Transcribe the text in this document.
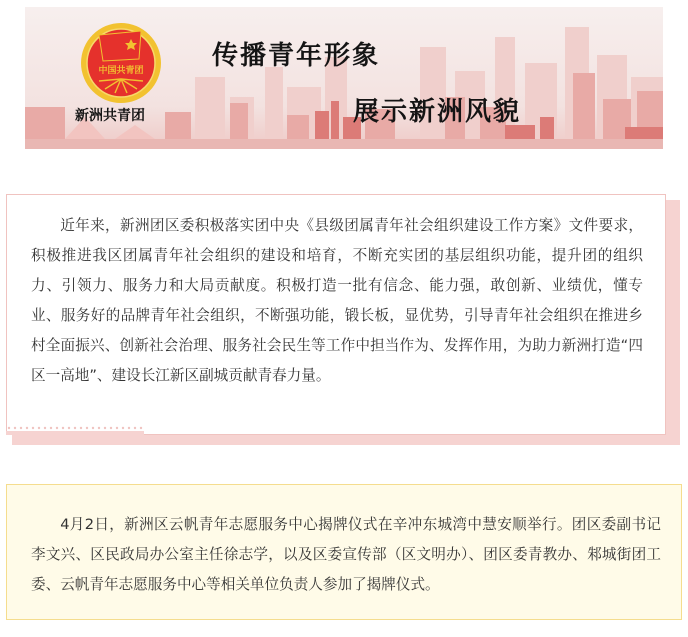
中国共青团
新洲共青团
传播青年形象
展示新洲风貌

近年来，新洲团区委积极落实团中央《县级团属青年社会组织建设工作方案》文件要求，积极推进我区团属青年社会组织的建设和培育，不断充实团的基层组织功能，提升团的组织力、引领力、服务力和大局贡献度。积极打造一批有信念、能力强，敢创新、业绩优，懂专业、服务好的品牌青年社会组织，不断强功能，锻长板，显优势，引导青年社会组织在推进乡村全面振兴、创新社会治理、服务社会民生等工作中担当作为、发挥作用，为助力新洲打造“四区一高地”、建设长江新区副城贡献青春力量。

4月2日，新洲区云帆青年志愿服务中心揭牌仪式在辛冲东城湾中慧安顺举行。团区委副书记李文兴、区民政局办公室主任徐志学，以及区委宣传部（区文明办）、团区委青教办、邾城街团工委、云帆青年志愿服务中心等相关单位负责人参加了揭牌仪式。
